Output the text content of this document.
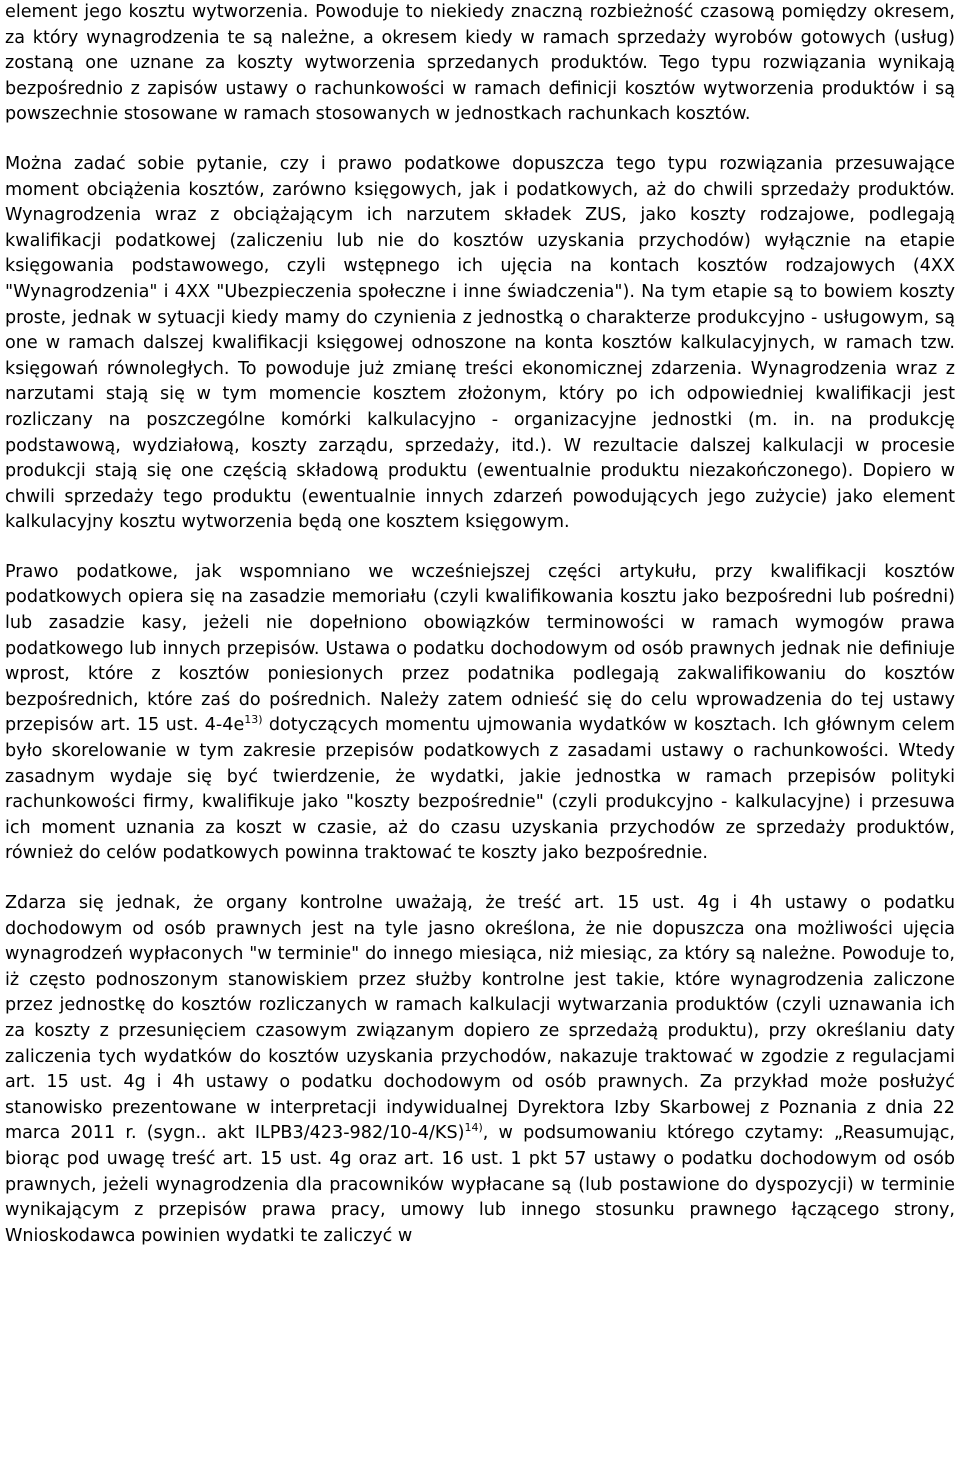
element jego kosztu wytworzenia. Powoduje to niekiedy znaczną rozbieżność czasową pomiędzy okresem, za który wynagrodzenia te są należne, a okresem kiedy w ramach sprzedaży wyrobów gotowych (usług) zostaną one uznane za koszty wytworzenia sprzedanych produktów. Tego typu rozwiązania wynikają bezpośrednio z zapisów ustawy o rachunkowości w ramach definicji kosztów wytworzenia produktów i są powszechnie stosowane w ramach stosowanych w jednostkach rachunkach kosztów.

Można zadać sobie pytanie, czy i prawo podatkowe dopuszcza tego typu rozwiązania przesuwające moment obciążenia kosztów, zarówno księgowych, jak i podatkowych, aż do chwili sprzedaży produktów. Wynagrodzenia wraz z obciążającym ich narzutem składek ZUS, jako koszty rodzajowe, podlegają kwalifikacji podatkowej (zaliczeniu lub nie do kosztów uzyskania przychodów) wyłącznie na etapie księgowania podstawowego, czyli wstępnego ich ujęcia na kontach kosztów rodzajowych (4XX "Wynagrodzenia" i 4XX "Ubezpieczenia społeczne i inne świadczenia"). Na tym etapie są to bowiem koszty proste, jednak w sytuacji kiedy mamy do czynienia z jednostką o charakterze produkcyjno - usługowym, są one w ramach dalszej kwalifikacji księgowej odnoszone na konta kosztów kalkulacyjnych, w ramach tzw. księgowań równoległych. To powoduje już zmianę treści ekonomicznej zdarzenia. Wynagrodzenia wraz z narzutami stają się w tym momencie kosztem złożonym, który po ich odpowiedniej kwalifikacji jest rozliczany na poszczególne komórki kalkulacyjno - organizacyjne jednostki (m. in. na produkcję podstawową, wydziałową, koszty zarządu, sprzedaży, itd.). W rezultacie dalszej kalkulacji w procesie produkcji stają się one częścią składową produktu (ewentualnie produktu niezakończonego). Dopiero w chwili sprzedaży tego produktu (ewentualnie innych zdarzeń powodujących jego zużycie) jako element kalkulacyjny kosztu wytworzenia będą one kosztem księgowym.

Prawo podatkowe, jak wspomniano we wcześniejszej części artykułu, przy kwalifikacji kosztów podatkowych opiera się na zasadzie memoriału (czyli kwalifikowania kosztu jako bezpośredni lub pośredni) lub zasadzie kasy, jeżeli nie dopełniono obowiązków terminowości w ramach wymogów prawa podatkowego lub innych przepisów. Ustawa o podatku dochodowym od osób prawnych jednak nie definiuje wprost, które z kosztów poniesionych przez podatnika podlegają zakwalifikowaniu do kosztów bezpośrednich, które zaś do pośrednich. Należy zatem odnieść się do celu wprowadzenia do tej ustawy przepisów art. 15 ust. $4-4e^{13)}$ dotyczących momentu ujmowania wydatków w kosztach. Ich głównym celem było skorelowanie w tym zakresie przepisów podatkowych z zasadami ustawy o rachunkowości. Wtedy zasadnym wydaje się być twierdzenie, że wydatki, jakie jednostka w ramach przepisów polityki rachunkowości firmy, kwalifikuje jako "koszty bezpośrednie" (czyli produkcyjno - kalkulacyjne) i przesuwa ich moment uznania za koszt w czasie, aż do czasu uzyskania przychodów ze sprzedaży produktów, również do celów podatkowych powinna traktować te koszty jako bezpośrednie.

Zdarza się jednak, że organy kontrolne uważają, że treść art. 15 ust. 4g i 4h ustawy o podatku dochodowym od osób prawnych jest na tyle jasno określona, że nie dopuszcza ona możliwości ujęcia wynagrodzeń wypłaconych "w terminie" do innego miesiąca, niż miesiąc, za który są należne. Powoduje to, iż często podnoszonym stanowiskiem przez służby kontrolne jest takie, które wynagrodzenia zaliczone przez jednostkę do kosztów rozliczanych w ramach kalkulacji wytwarzania produktów (czyli uznawania ich za koszty z przesunięciem czasowym związanym dopiero ze sprzedażą produktu), przy określaniu daty zaliczenia tych wydatków do kosztów uzyskania przychodów, nakazuje traktować w zgodzie z regulacjami art. 15 ust. 4g i 4h ustawy o podatku dochodowym od osób prawnych. Za przykład może posłużyć stanowisko prezentowane w interpretacji indywidualnej Dyrektora Izby Skarbowej z Poznania z dnia 22 marca 2011 r. (sygn.. akt ILPB3/423-982/10-4/KS)$^{14)}$, w podsumowaniu którego czytamy: „Reasumując, biorąc pod uwagę treść art. 15 ust. 4g oraz art. 16 ust. 1 pkt 57 ustawy o podatku dochodowym od osób prawnych, jeżeli wynagrodzenia dla pracowników wypłacane są (lub postawione do dyspozycji) w terminie wynikającym z przepisów prawa pracy, umowy lub innego stosunku prawnego łączącego strony, Wnioskodawca powinien wydatki te zaliczyć w
